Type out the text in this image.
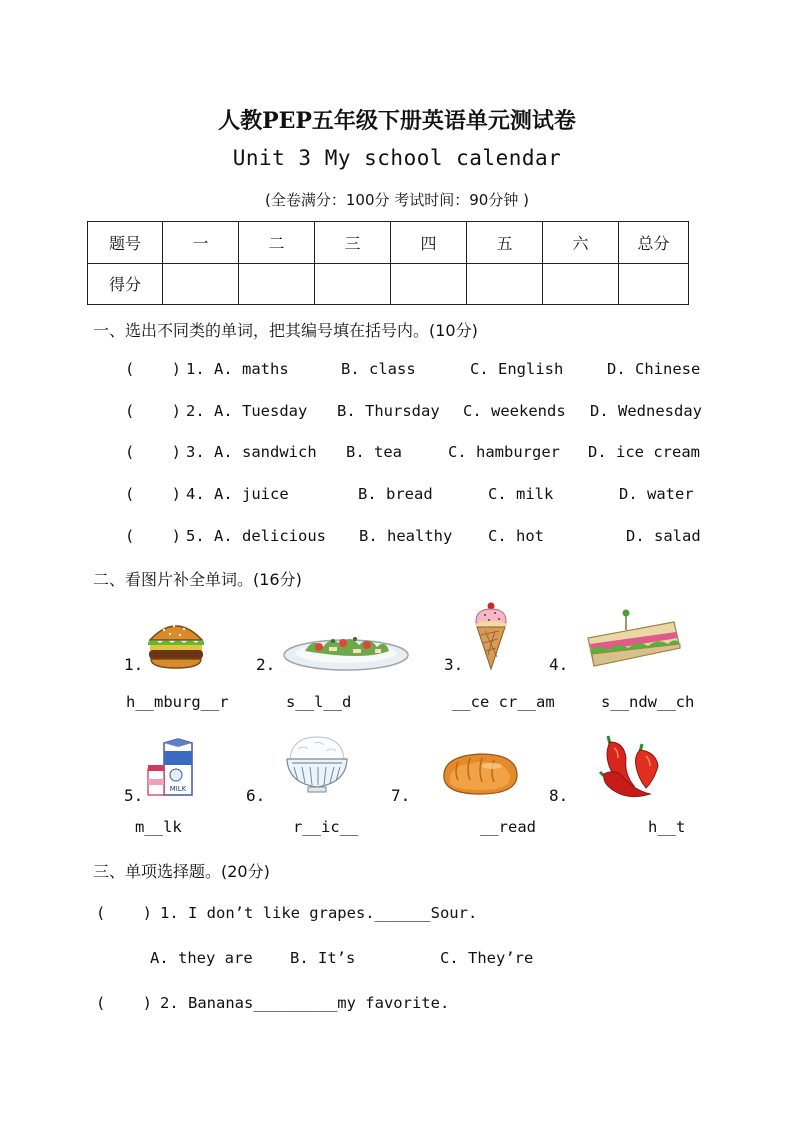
人教PEP五年级下册英语单元测试卷
Unit 3 My school calendar
(全卷满分：100分 考试时间：90分钟 )
题号	一	二	三	四	五	六	总分
得分							
一、选出不同类的单词，把其编号填在括号内。(10分)
(    ) 1. A. maths	B. class	C. English	D. Chinese
(    ) 2. A. Tuesday B. Thursday C. weekends D. Wednesday
(    ) 3. A. sandwich B. tea	C. hamburger D. ice cream
(    ) 4. A. juice	B. bread	C. milk	D. water
(    ) 5. A. delicious B. healthy C. hot	D. salad
二、看图片补全单词。(16分)
1.
h__mburg__r
2.
s__l__d
3.
__ce cr__am
4.
s__ndw__ch
5.	MILK
m__lk
6.
r__ic__
7.
__read
8.
h__t
三、单项选择题。(20分)
(    ) 1. I don’t like grapes.______Sour.
A. they are B. It’s	C. They’re
(    ) 2. Bananas_________my favorite.
